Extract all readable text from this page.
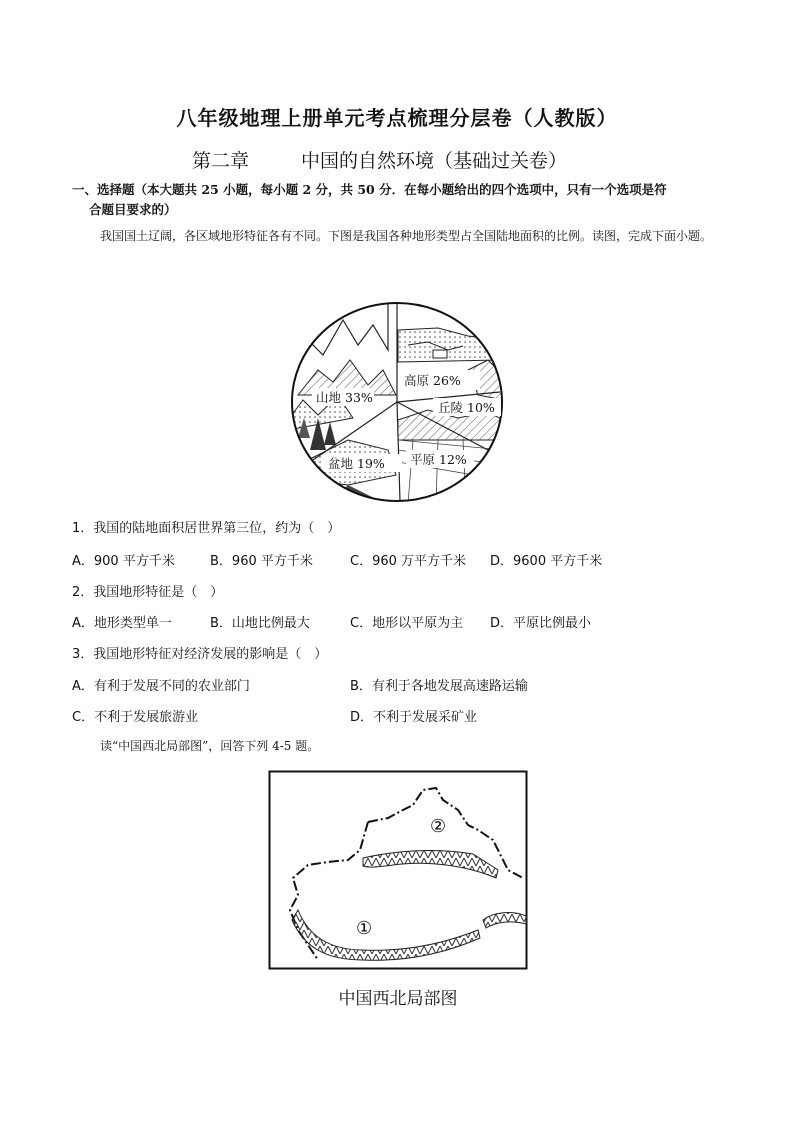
八年级地理上册单元考点梳理分层卷（人教版）
第二章	中国的自然环境（基础过关卷）
一、选择题（本大题共 25 小题，每小题 2 分，共 50 分．在每小题给出的四个选项中，只有一个选项是符
合题目要求的）
我国国土辽阔，各区域地形特征各有不同。下图是我国各种地形类型占全国陆地面积的比例。读图，完成下面小题。
高原 26%
丘陵 10%
平原 12%
盆地 19%
山地 33%
1．我国的陆地面积居世界第三位，约为（　）
A．900 平方千米	B．960 平方千米	C．960 万平方千米 D．9600 平方千米
2．我国地形特征是（　）
A．地形类型单一	B．山地比例最大	C．地形以平原为主 D．平原比例最小
3．我国地形特征对经济发展的影响是（　）
A．有利于发展不同的农业部门	B．有利于各地发展高速路运输
C．不利于发展旅游业	D．不利于发展采矿业
读“中国西北局部图”，回答下列 4-5 题。
②
①
中国西北局部图
